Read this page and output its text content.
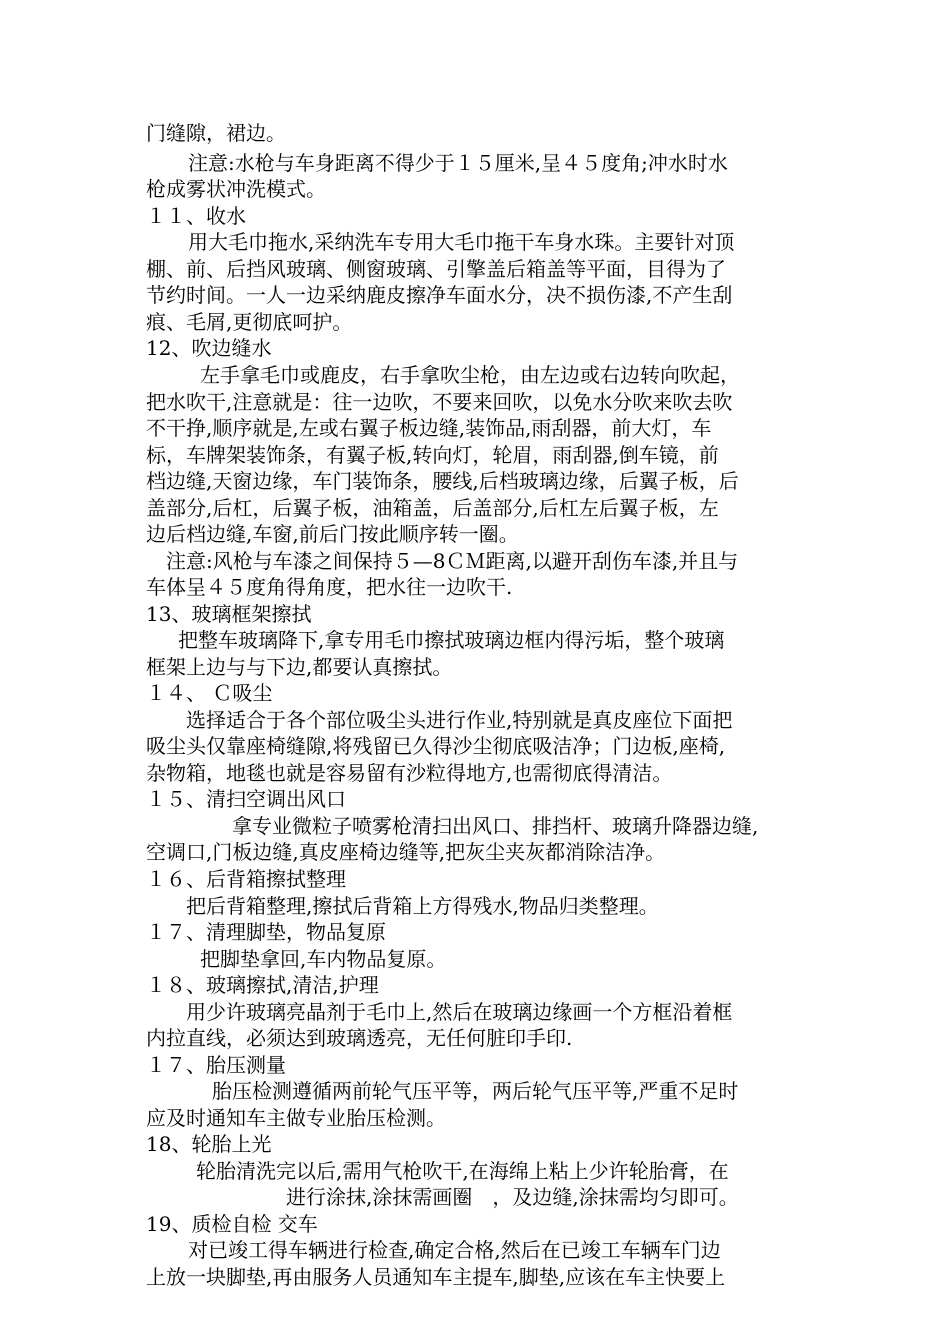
门缝隙，裙边。
注意:水枪与车身距离不得少于１５厘米,呈４５度角;冲水时水
枪成雾状冲洗模式。
１１、收水
用大毛巾拖水,采纳洗车专用大毛巾拖干车身水珠。主要针对顶
棚、前、后挡风玻璃、侧窗玻璃、引擎盖后箱盖等平面，目得为了
节约时间。一人一边采纳鹿皮擦净车面水分，决不损伤漆,不产生刮
痕、毛屑,更彻底呵护。
12、吹边缝水
左手拿毛巾或鹿皮，右手拿吹尘枪，由左边或右边转向吹起，
把水吹干,注意就是：往一边吹，不要来回吹，以免水分吹来吹去吹
不干挣,顺序就是,左或右翼子板边缝,装饰品,雨刮器，前大灯，车
标，车牌架装饰条，有翼子板,转向灯，轮眉，雨刮器,倒车镜，前
档边缝,天窗边缘，车门装饰条，腰线,后档玻璃边缘，后翼子板，后
盖部分,后杠，后翼子板，油箱盖，后盖部分,后杠左后翼子板，左
边后档边缝,车窗,前后门按此顺序转一圈。
注意:风枪与车漆之间保持５—8ＣＭ距离,以避开刮伤车漆,并且与
车体呈４５度角得角度，把水往一边吹干.
13、玻璃框架擦拭
把整车玻璃降下,拿专用毛巾擦拭玻璃边框内得污垢，整个玻璃
框架上边与与下边,都要认真擦拭。
１４、 Ｃ吸尘
选择适合于各个部位吸尘头进行作业,特别就是真皮座位下面把
吸尘头仅靠座椅缝隙,将残留已久得沙尘彻底吸洁净；门边板,座椅,
杂物箱，地毯也就是容易留有沙粒得地方,也需彻底得清洁。
１５、清扫空调出风口
拿专业微粒子喷雾枪清扫出风口、排挡杆、玻璃升降器边缝,
空调口,门板边缝,真皮座椅边缝等,把灰尘夹灰都消除洁净。
１６、后背箱擦拭整理
把后背箱整理,擦拭后背箱上方得残水,物品归类整理。
１７、清理脚垫，物品复原
把脚垫拿回,车内物品复原。
１８、玻璃擦拭,清洁,护理
用少许玻璃亮晶剂于毛巾上,然后在玻璃边缘画一个方框沿着框
内拉直线，必须达到玻璃透亮，无任何脏印手印.
１７、胎压测量
胎压检测遵循两前轮气压平等，两后轮气压平等,严重不足时
应及时通知车主做专业胎压检测。
18、轮胎上光
轮胎清洗完以后,需用气枪吹干,在海绵上粘上少许轮胎膏，在
进行涂抹,涂抹需画圈　，及边缝,涂抹需均匀即可。
19、质检自检 交车
对已竣工得车辆进行检查,确定合格,然后在已竣工车辆车门边
上放一块脚垫,再由服务人员通知车主提车,脚垫,应该在车主快要上
